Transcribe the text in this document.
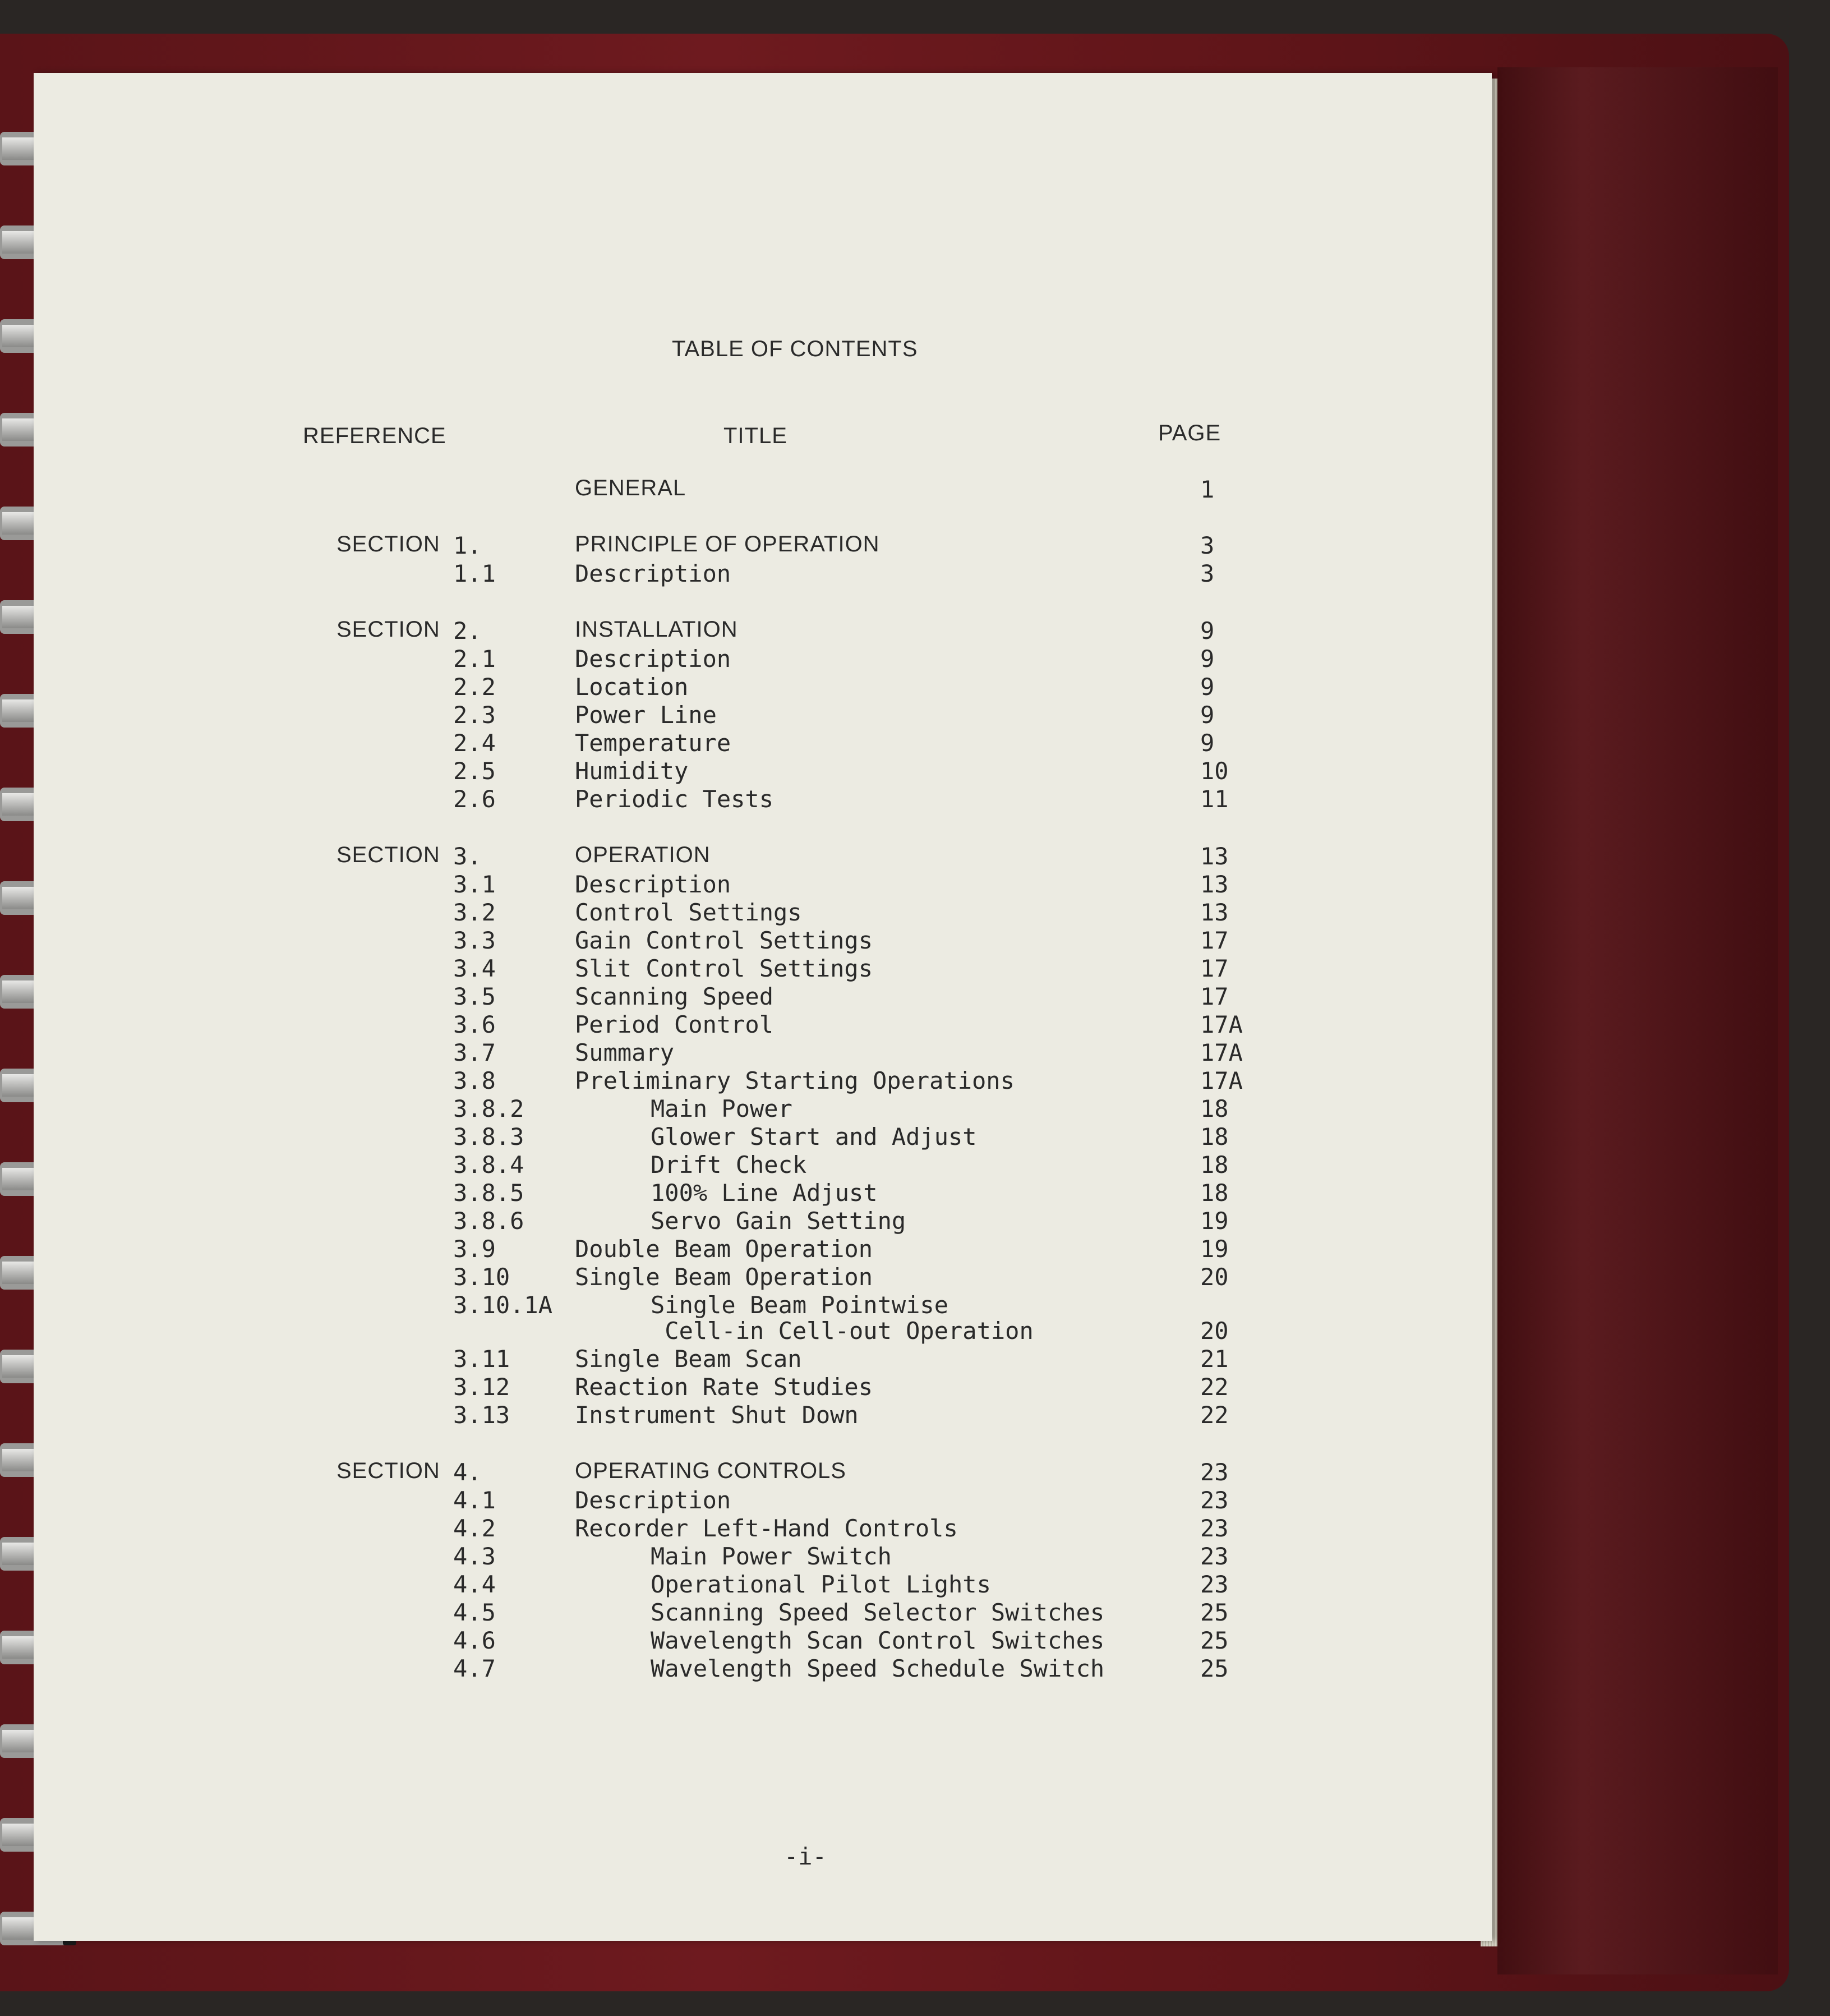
TABLE OF CONTENTS
REFERENCE	TITLE	PAGE
GENERAL	1
SECTION 1.	PRINCIPLE OF OPERATION	3
1.1	Description	3
SECTION 2.	INSTALLATION	9
2.1	Description	9
2.2	Location	9
2.3	Power Line	9
2.4	Temperature	9
2.5	Humidity	10
2.6	Periodic Tests	11
SECTION 3.	OPERATION	13
3.1	Description	13
3.2	Control Settings	13
3.3	Gain Control Settings	17
3.4	Slit Control Settings	17
3.5	Scanning Speed	17
3.6	Period Control	17A
3.7	Summary	17A
3.8	Preliminary Starting Operations	17A
3.8.2	Main Power	18
3.8.3	Glower Start and Adjust	18
3.8.4	Drift Check	18
3.8.5	100% Line Adjust	18
3.8.6	Servo Gain Setting	19
3.9	Double Beam Operation	19
3.10	Single Beam Operation	20
3.10.1A	Single Beam Pointwise
Cell-in Cell-out Operation	20
3.11	Single Beam Scan	21
3.12	Reaction Rate Studies	22
3.13	Instrument Shut Down	22
SECTION 4.	OPERATING CONTROLS	23
4.1	Description	23
4.2	Recorder Left-Hand Controls	23
4.3	Main Power Switch	23
4.4	Operational Pilot Lights	23
4.5	Scanning Speed Selector Switches	25
4.6	Wavelength Scan Control Switches	25
4.7	Wavelength Speed Schedule Switch	25
-i-
